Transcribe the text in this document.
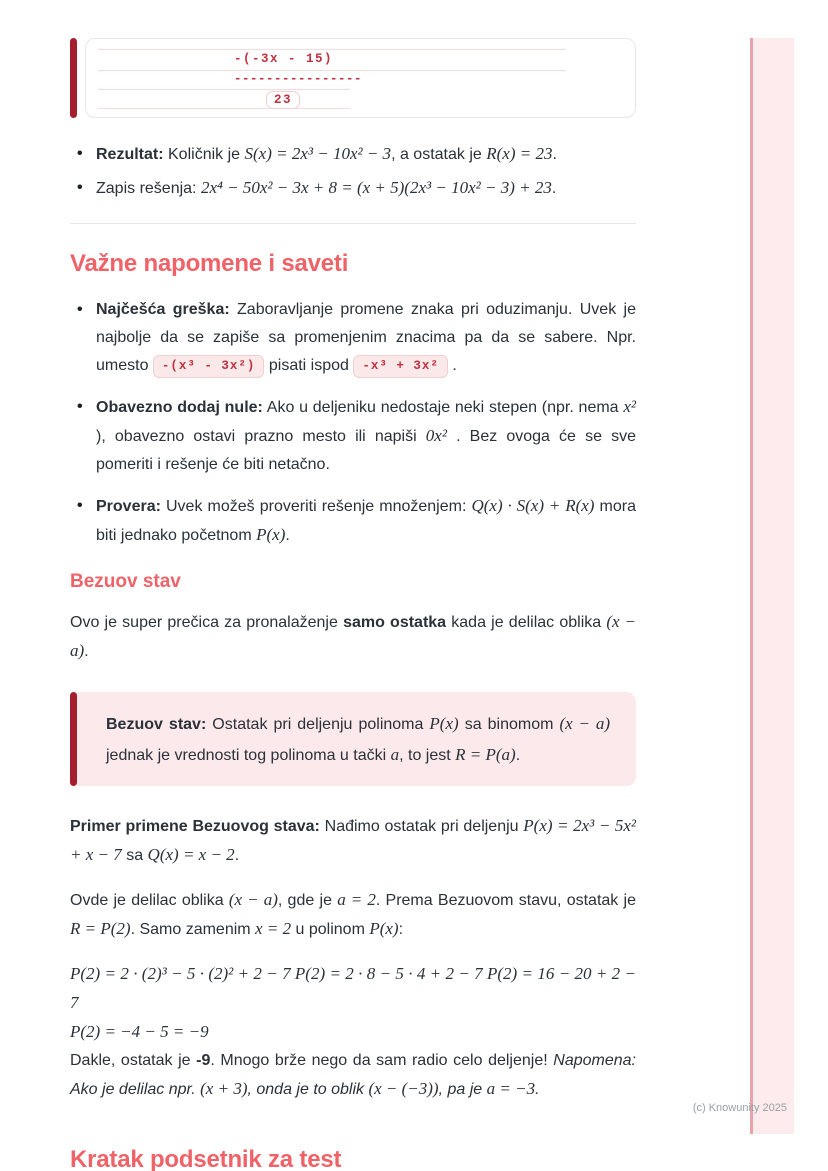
-(-3x - 15)
----------------
23
• Rezultat: Količnik je S(x) = 2x³ − 10x² − 3, a ostatak je R(x) = 23.
• Zapis rešenja: 2x⁴ − 50x² − 3x + 8 = (x + 5)(2x³ − 10x² − 3) + 23.
Važne napomene i saveti
• Najčešća greška: Zaboravljanje promene znaka pri oduzimanju. Uvek je najbolje da se zapiše sa promenjenim znacima pa da se sabere. Npr. umesto -(x³ - 3x²) pisati ispod -x³ + 3x² .
• Obavezno dodaj nule: Ako u deljeniku nedostaje neki stepen (npr. nema x² ), obavezno ostavi prazno mesto ili napiši 0x² . Bez ovoga će se sve pomeriti i rešenje će biti netačno.
• Provera: Uvek možeš proveriti rešenje množenjem: Q(x) · S(x) + R(x) mora biti jednako početnom P(x).
Bezuov stav

Ovo je super prečica za pronalaženje samo ostatka kada je delilac oblika (x − a).

Bezuov stav: Ostatak pri deljenju polinoma P(x) sa binomom (x − a) jednak je vrednosti tog polinoma u tački a, to jest R = P(a).

Primer primene Bezuovog stava: Nađimo ostatak pri deljenju P(x) = 2x³ − 5x² + x − 7 sa Q(x) = x − 2.

Ovde je delilac oblika (x − a), gde je a = 2. Prema Bezuovom stavu, ostatak je R = P(2). Samo zamenim x = 2 u polinom P(x):

P(2) = 2 · (2)³ − 5 · (2)² + 2 − 7 P(2) = 2 · 8 − 5 · 4 + 2 − 7 P(2) = 16 − 20 + 2 − 7
P(2) = −4 − 5 = −9

Dakle, ostatak je -9. Mnogo brže nego da sam radio celo deljenje! Napomena: Ako je delilac npr. (x + 3), onda je to oblik (x − (−3)), pa je a = −3.

Kratak podsetnik za test
(c) Knowunity 2025
